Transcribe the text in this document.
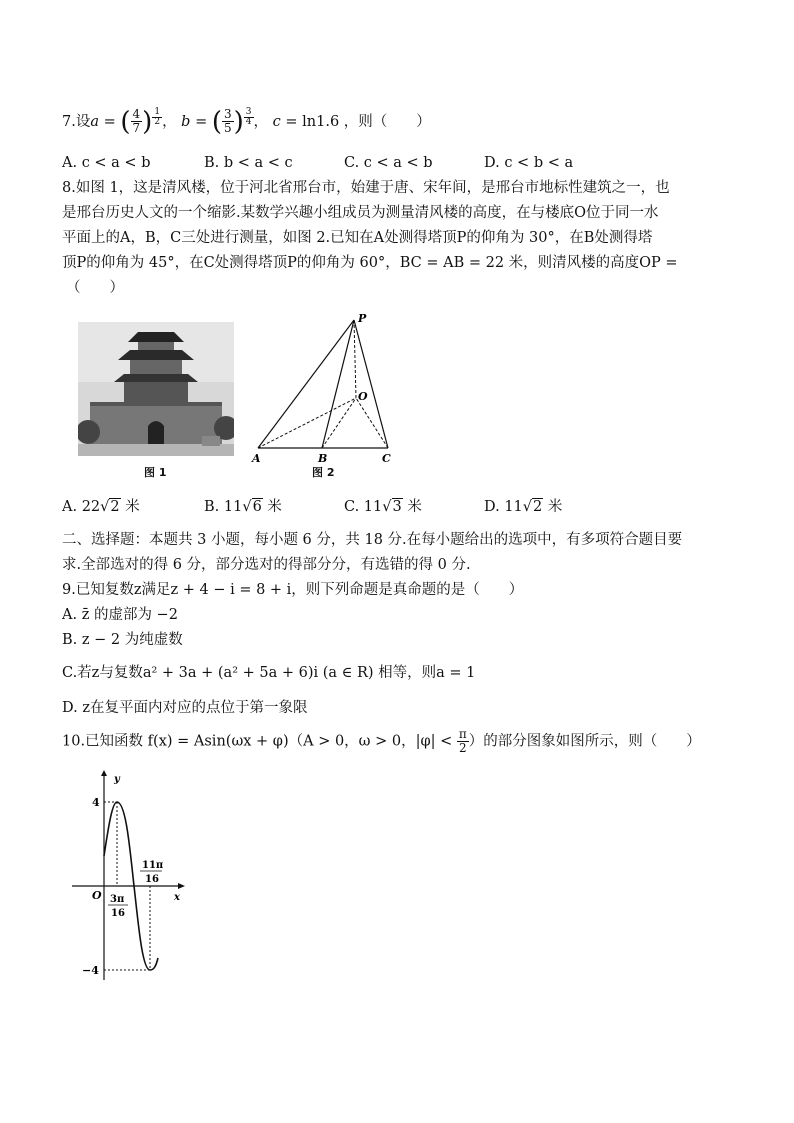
7.设a = ( $\frac{4}{7}$ ) $^{\frac{1}{2}}$ ， b = ( $\frac{3}{5}$ ) $^{\frac{3}{4}}$ ， c = ln1.6 ，则（　　）
A. c < a < b	B. b < a < c	C. c < a < b	D. c < b < a
8.如图 1，这是清风楼，位于河北省邢台市，始建于唐、宋年间，是邢台市地标性建筑之一，也
是邢台历史人文的一个缩影.某数学兴趣小组成员为测量清风楼的高度，在与楼底O位于同一水
平面上的A，B，C三处进行测量，如图 2.已知在A处测得塔顶P的仰角为 30°，在B处测得塔
顶P的仰角为 45°，在C处测得塔顶P的仰角为 60°，BC = AB = 22 米，则清风楼的高度OP =
（　　）
图 1
P
O
A	B	C
图 2
A. 22√2 米	B. 11√6 米	C. 11√3 米	D. 11√2 米
二、选择题：本题共 3 小题，每小题 6 分，共 18 分.在每小题给出的选项中，有多项符合题目要
求.全部选对的得 6 分，部分选对的得部分分，有选错的得 0 分.
9.已知复数z满足z + 4 − i = 8 + i，则下列命题是真命题的是（　　）
A. z̄ 的虚部为 −2
B. z − 2 为纯虚数
C.若z与复数a² + 3a + (a² + 5a + 6)i (a ∈ R) 相等，则a = 1
D. z在复平面内对应的点位于第一象限
10.已知函数 f(x) = Asin(ωx + φ)（A > 0，ω > 0，$|\varphi| < \frac{\pi}{2}$ ）的部分图象如图所示，则（　　）
y
x
O
4
−4
3π
16
11π
16
